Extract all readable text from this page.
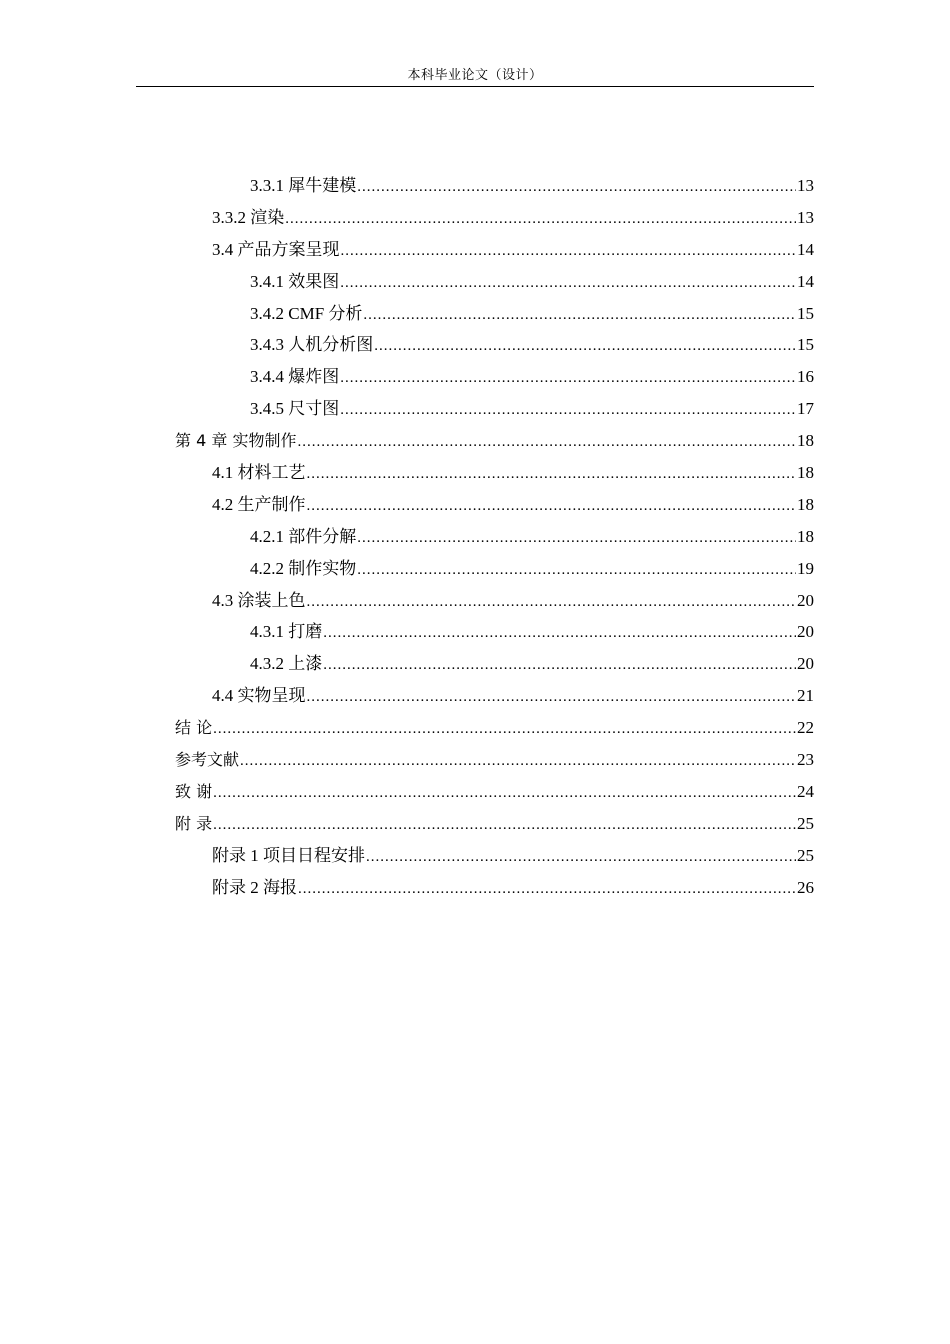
本科毕业论文（设计）
3.3.1 犀牛建模 .....	13
3.3.2 渲染 .....	13
3.4 产品方案呈现 .....	14
3.4.1 效果图 .....	14
3.4.2 CMF 分析 .....	15
3.4.3 人机分析图 .....	15
3.4.4 爆炸图 .....	16
3.4.5 尺寸图 .....	17
第 4 章 实物制作 .....	18
4.1 材料工艺 .....	18
4.2 生产制作 .....	18
4.2.1 部件分解 .....	18
4.2.2 制作实物 .....	19
4.3 涂装上色 .....	20
4.3.1 打磨 .....	20
4.3.2 上漆 .....	20
4.4 实物呈现 .....	21
结 论 .....	22
参考文献 .....	23
致 谢 .....	24
附 录 .....	25
附录 1 项目日程安排 .....	25
附录 2 海报 .....	26
